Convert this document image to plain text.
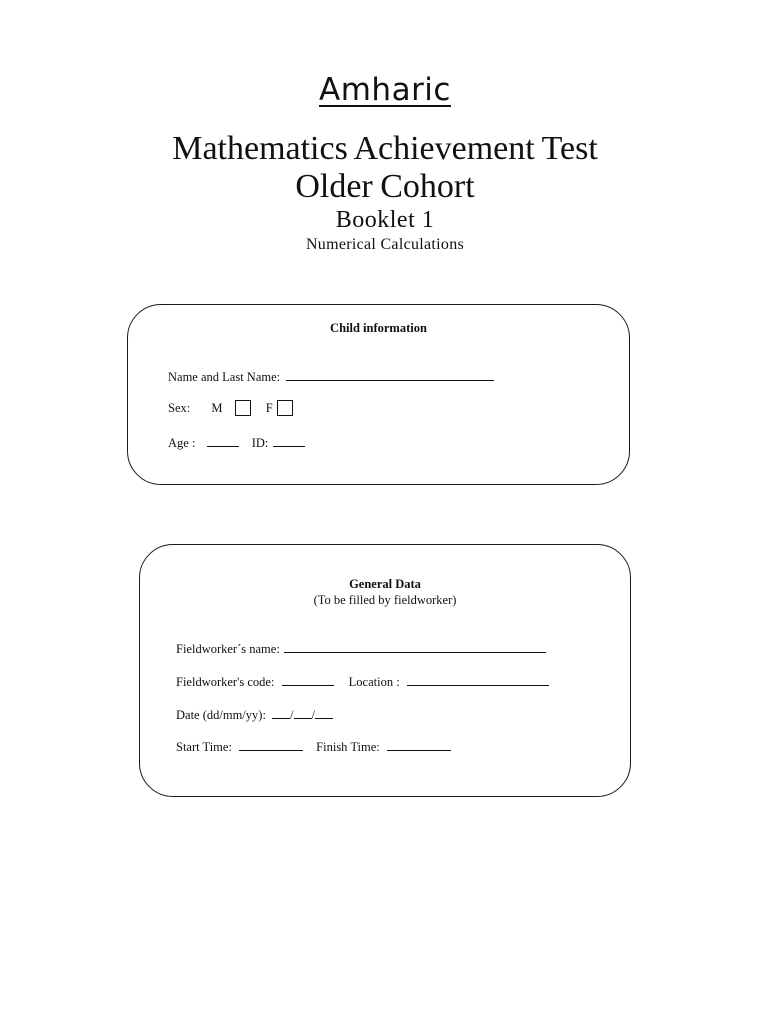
Amharic
Mathematics Achievement Test
Older Cohort
Booklet 1
Numerical Calculations
Child information
Name and Last Name:
Sex: M	F
Age :	ID:
General Data
(To be filled by fieldworker)
Fieldworker´s name:
Fieldworker's code:	Location :
Date (dd/mm/yy): / /
Start Time:	Finish Time:
